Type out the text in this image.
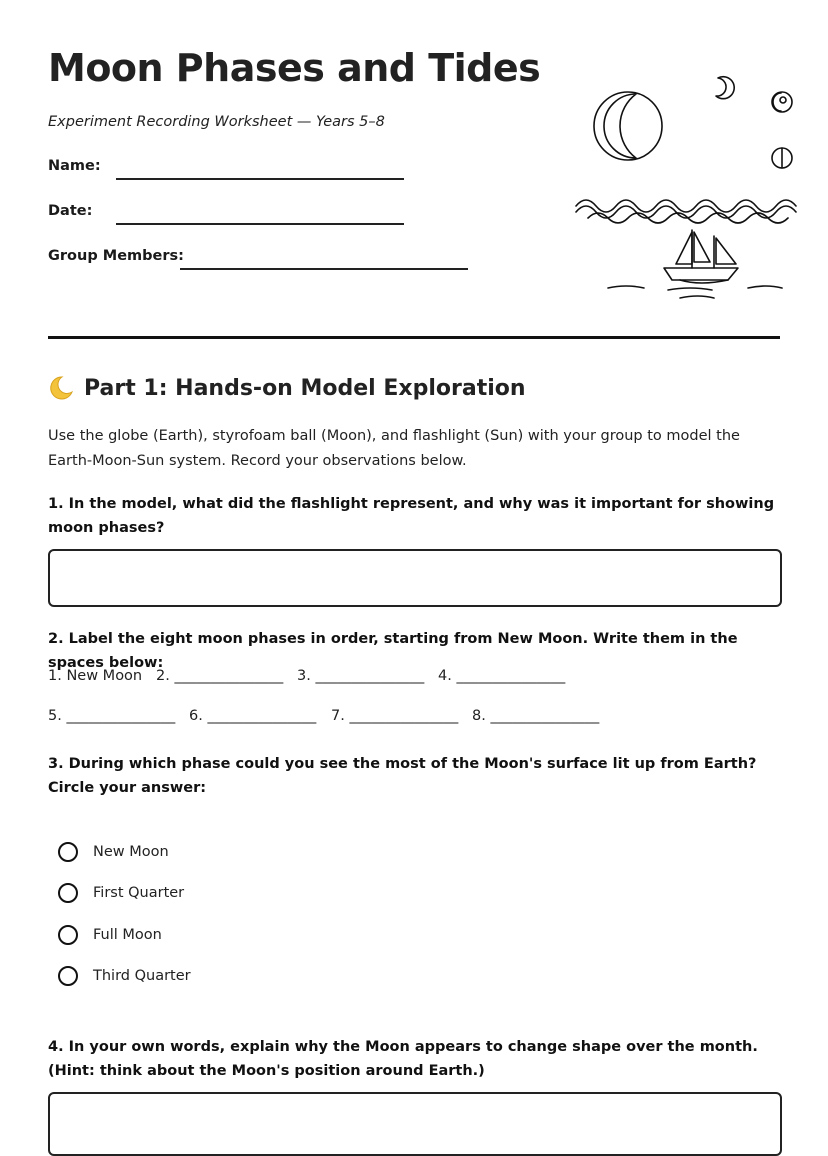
Moon Phases and Tides
Experiment Recording Worksheet — Years 5–8
Name:
Date:
Group Members:
Part 1: Hands-on Model Exploration
Use the globe (Earth), styrofoam ball (Moon), and flashlight (Sun) with your group to model the Earth-Moon-Sun system. Record your observations below.
1. In the model, what did the flashlight represent, and why was it important for showing moon phases?
2. Label the eight moon phases in order, starting from New Moon. Write them in the spaces below:
1. New Moon 2. _______________ 3. _______________ 4. _______________
5. _______________ 6. _______________ 7. _______________ 8. _______________
3. During which phase could you see the most of the Moon's surface lit up from Earth? Circle your answer:
New Moon
First Quarter
Full Moon
Third Quarter
4. In your own words, explain why the Moon appears to change shape over the month. (Hint: think about the Moon's position around Earth.)
